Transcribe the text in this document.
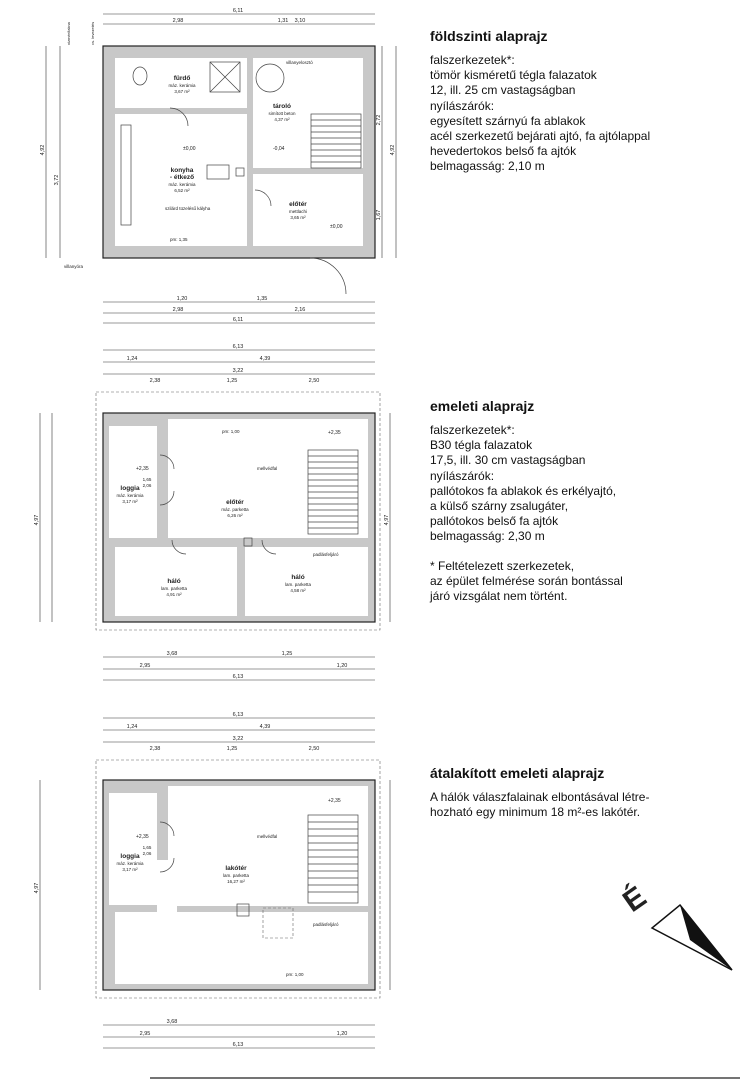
6,11
2,98	3,10
1,31
4,92
3,72
4,92
2,72
1,67
fürdő
máz. kerámia
3,67 m²
tároló
simított beton
4,37 m²
konyha
- étkező
máz. kerámia
6,52 m²
előtér
mettlachi
3,65 m²
±0,00	-0,04
±0,00
szilárd tüzelésű kályha
pm: 1,35
villanyóra
villanyelosztó
vízmérőakna	cs. levezetés
1,20	1,35
2,98	2,16
6,11
6,13
1,24	4,39
3,22
2,38	1,25	2,50
4,97	4,97
loggia
máz. kerámia
3,17 m²
1,65
2,06
előtér
máz. parketta
6,26 m²
háló
lam. parketta
4,91 m²
háló
lam. parketta
4,58 m²
+2,35
+2,35
pm: 1,00
mellvédfal
padlásfeljáró
3,68	1,25
2,95	1,20
6,13
6,13
1,24	4,39
3,22
2,38	1,25	2,50
4,97
loggia
máz. kerámia
3,17 m²
1,65
2,06
lakótér
lam. parketta
16,27 m²
+2,35
+2,35	mellvédfal
padlásfeljáró
pm: 1,00
3,68
2,95	1,20
6,13
É
földszinti alaprajz

falszerkezetek*:
tömör kisméretű tégla falazatok
12, ill. 25 cm vastagságban
nyílászárók:
egyesített szárnyú fa ablakok
acél szerkezetű bejárati ajtó, fa ajtólappal
hevedertokos belső fa ajtók
belmagasság: 2,10 m

emeleti alaprajz

falszerkezetek*:
B30 tégla falazatok
17,5, ill. 30 cm vastagságban
nyílászárók:
pallótokos fa ablakok és erkélyajtó,
a külső szárny zsalugáter,
pallótokos belső fa ajtók
belmagasság: 2,30 m

* Feltételezett szerkezetek,
az épület felmérése során bontással
járó vizsgálat nem történt.

átalakított emeleti alaprajz

A hálók válaszfalainak elbontásával létre-
hozható egy minimum 18 m²-es lakótér.
